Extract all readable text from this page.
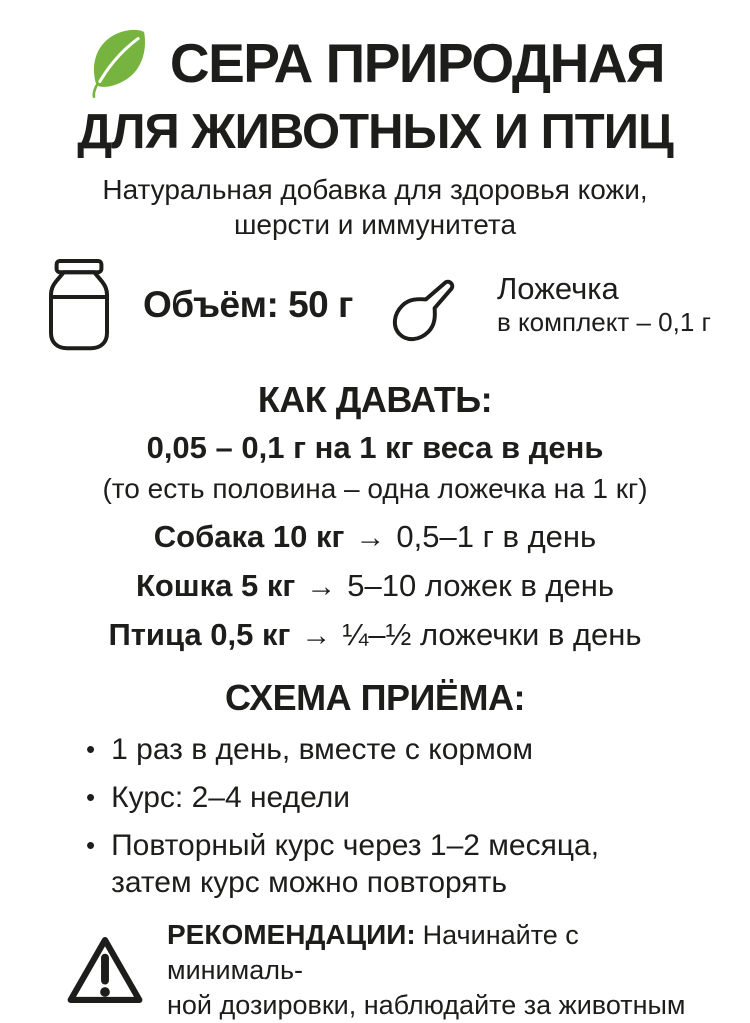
СЕРА ПРИРОДНАЯ
ДЛЯ ЖИВОТНЫХ И ПТИЦ
Натуральная добавка для здоровья кожи,
шерсти и иммунитета
Объём: 50 г	Ложечка
в комплект – 0,1 г
КАК ДАВАТЬ:
0,05 – 0,1 г на 1 кг веса в день
(то есть половина – одна ложечка на 1 кг)
Собака 10 кг → 0,5–1 г в день
Кошка 5 кг → 5–10 ложек в день
Птица 0,5 кг → ¼–½ ложечки в день
СХЕМА ПРИЁМА:
• 1 раз в день, вместе с кормом
• Курс: 2–4 недели
• Повторный курс через 1–2 месяца, затем курс можно повторять
РЕКОМЕНДАЦИИ: Начинайте с минималь-
ной дозировки, наблюдайте за животным
